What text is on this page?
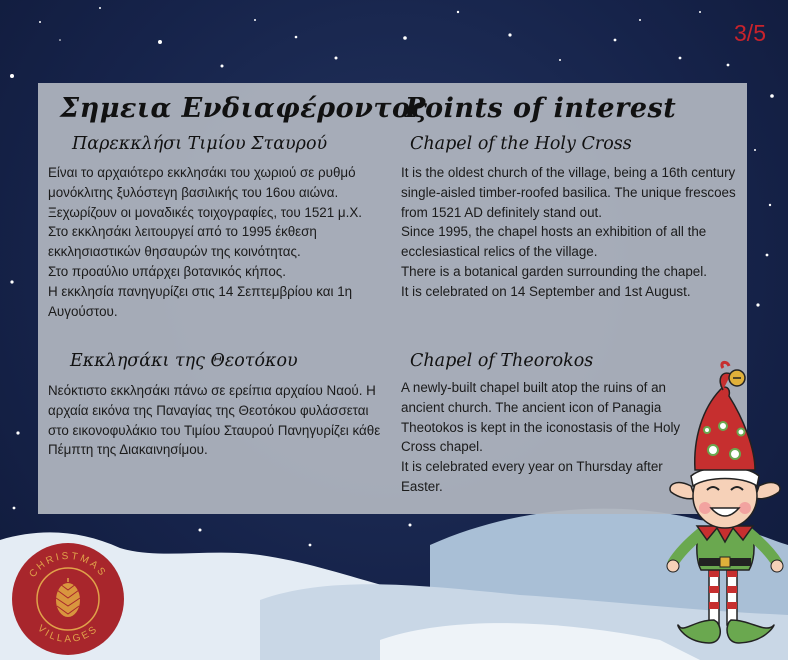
3/5
Σημεια Ενδιαφέροντος
Παρεκκλήσι Τιμίου Σταυρού

Είναι το αρχαιότερο εκκλησάκι του χωριού σε ρυθμό μονόκλιτης ξυλόστεγη βασιλικής του 16ου αιώνα. Ξεχωρίζουν οι μοναδικές τοιχογραφίες, του 1521 μ.Χ.

Στο εκκλησάκι λειτουργεί από το 1995 έκθεση εκκλησιαστικών θησαυρών της κοινότητας.

Στο προαύλιο υπάρχει βοτανικός κήπος.

Η εκκλησία πανηγυρίζει στις 14 Σεπτεμβρίου και 1η Αυγούστου.

Εκκλησάκι της Θεοτόκου

Νεόκτιστο εκκλησάκι πάνω σε ερείπια αρχαίου Ναού. Η αρχαία εικόνα της Παναγίας της Θεοτόκου φυλάσσεται στο εικονοφυλάκιο του Τιμίου Σταυρού Πανηγυρίζει κάθε Πέμπτη της Διακαινησίμου.

Points of interest
Chapel of the Holy Cross

It is the oldest church of the village, being a 16th century single-aisled timber-roofed basilica. The unique frescoes from 1521 AD definitely stand out.

Since 1995, the chapel hosts an exhibition of all the ecclesiastical relics of the village.

There is a botanical garden surrounding the chapel.

It is celebrated on 14 September and 1st August.

Chapel of Theorokos

A newly-built chapel built atop the ruins of an ancient church. The ancient icon of Panagia Theotokos is kept in the iconostasis of the Holy Cross chapel.

It is celebrated every year on Thursday after Easter.

CHRISTMAS
VILLAGES
